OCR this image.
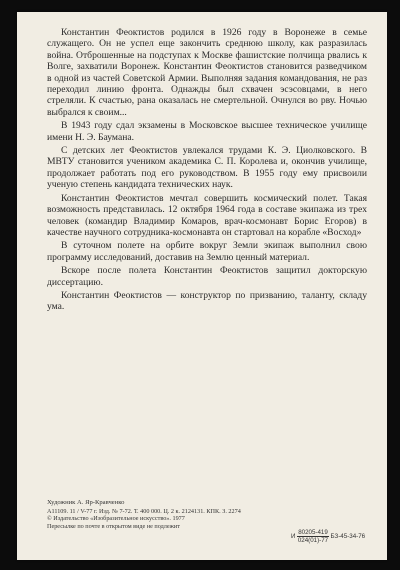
Константин Феоктистов родился в 1926 году в Воронеже в семье служащего. Он не успел еще закончить среднюю школу, как разразилась война. Отброшенные на подступах к Москве фашистские полчища рвались к Волге, захватили Воронеж. Константин Феоктистов становится разведчиком в одной из частей Советской Армии. Выполняя задания командования, не раз переходил линию фронта. Однажды был схвачен эсэсовцами, в него стреляли. К счастью, рана оказалась не смертельной. Очнулся во рву. Ночью выбрался к своим...

В 1943 году сдал экзамены в Московское высшее техническое училище имени Н. Э. Баумана.

С детских лет Феоктистов увлекался трудами К. Э. Циолковского. В МВТУ становится учеником академика С. П. Королева и, окончив училище, продолжает работать под его руководством. В 1955 году ему присвоили ученую степень кандидата технических наук.

Константин Феоктистов мечтал совершить космический полет. Такая возможность представилась. 12 октября 1964 года в составе экипажа из трех человек (командир Владимир Комаров, врач-космонавт Борис Егоров) в качестве научного сотрудника-космонавта он стартовал на корабле «Восход»

В суточном полете на орбите вокруг Земли экипаж выполнил свою программу исследований, доставив на Землю ценный материал.

Вскоре после полета Константин Феоктистов защитил докторскую диссертацию.

Константин Феоктистов — конструктор по призванию, таланту, складу ума.

Художник А. Яр-Кравченко
А11109. 11 / V-77 г. Изд. № 7-72. Т. 400 000. Ц. 2 к. 2124131. КПК. З. 2274
© Издательство «Изобразительное искусство». 1977
Пересылке по почте в открытом виде не подлежит
И $\frac{80205-419}{024(01)-77} БЗ-45-34-76$
